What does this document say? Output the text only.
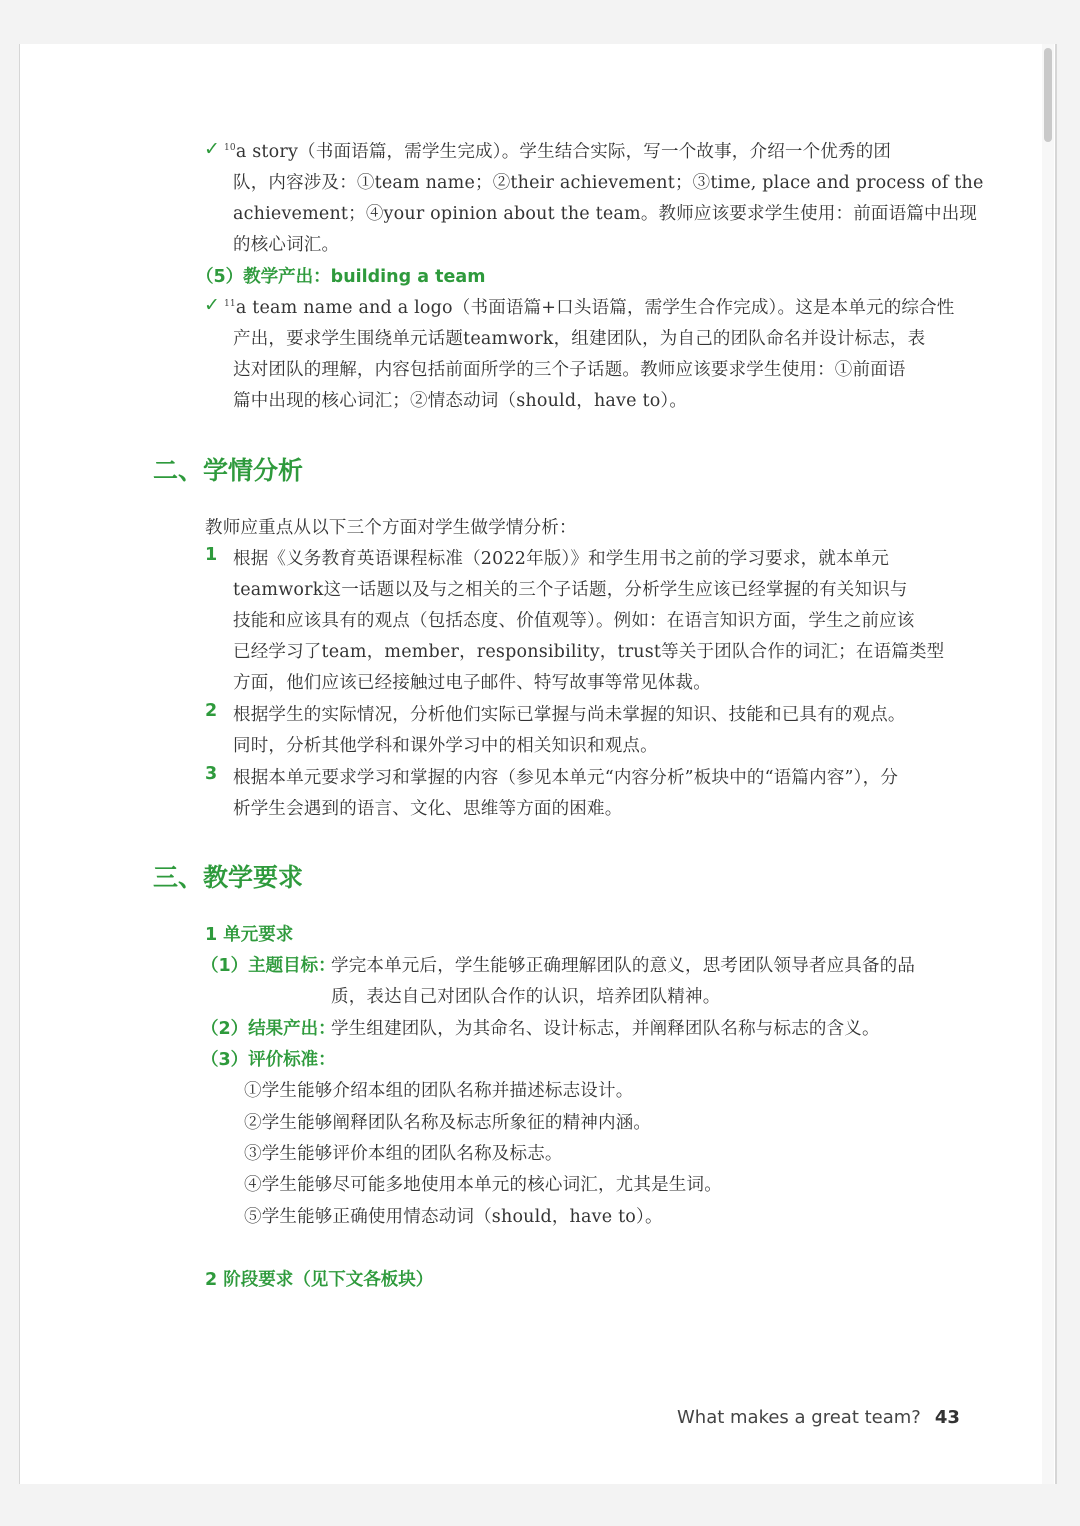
✓ $^{10}$a story（书面语篇，需学生完成）。学生结合实际，写一个故事，介绍一个优秀的团
队，内容涉及：①team name；②their achievement；③time, place and process of the
achievement；④your opinion about the team。教师应该要求学生使用：前面语篇中出现
的核心词汇。
（5）教学产出：building a team
✓ $^{11}$a team name and a logo（书面语篇+口头语篇，需学生合作完成）。这是本单元的综合性
产出，要求学生围绕单元话题teamwork，组建团队，为自己的团队命名并设计标志，表
达对团队的理解，内容包括前面所学的三个子话题。教师应该要求学生使用：①前面语
篇中出现的核心词汇；②情态动词（should，have to）。
二、学情分析
教师应重点从以下三个方面对学生做学情分析：
1 根据《义务教育英语课程标准（2022年版）》和学生用书之前的学习要求，就本单元
teamwork这一话题以及与之相关的三个子话题，分析学生应该已经掌握的有关知识与
技能和应该具有的观点（包括态度、价值观等）。例如：在语言知识方面，学生之前应该
已经学习了team，member，responsibility，trust等关于团队合作的词汇；在语篇类型
方面，他们应该已经接触过电子邮件、特写故事等常见体裁。
2 根据学生的实际情况，分析他们实际已掌握与尚未掌握的知识、技能和已具有的观点。
同时，分析其他学科和课外学习中的相关知识和观点。
3 根据本单元要求学习和掌握的内容（参见本单元“内容分析”板块中的“语篇内容”），分
析学生会遇到的语言、文化、思维等方面的困难。
三、教学要求
1 单元要求
（1）主题目标：
学完本单元后，学生能够正确理解团队的意义，思考团队领导者应具备的品
质，表达自己对团队合作的认识，培养团队精神。
（2）结果产出：
学生组建团队，为其命名、设计标志，并阐释团队名称与标志的含义。
（3）评价标准：
①学生能够介绍本组的团队名称并描述标志设计。
②学生能够阐释团队名称及标志所象征的精神内涵。
③学生能够评价本组的团队名称及标志。
④学生能够尽可能多地使用本单元的核心词汇，尤其是生词。
⑤学生能够正确使用情态动词（should，have to）。
2 阶段要求（见下文各板块）
What makes a great team? 43
